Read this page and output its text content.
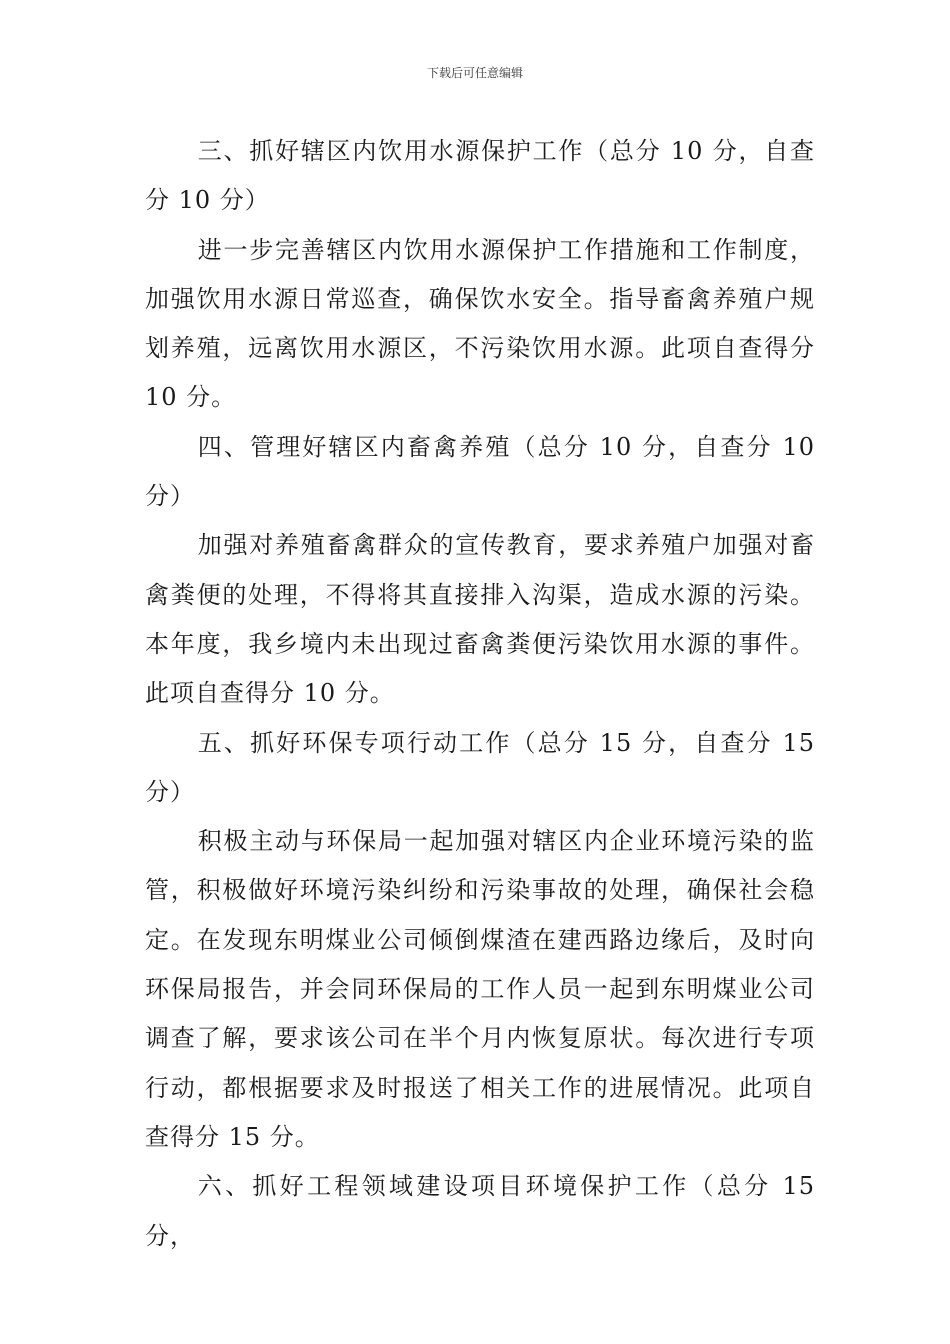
下载后可任意编辑

三、抓好辖区内饮用水源保护工作（总分 10 分，自查分 10 分）

进一步完善辖区内饮用水源保护工作措施和工作制度，加强饮用水源日常巡查，确保饮水安全。指导畜禽养殖户规划养殖，远离饮用水源区，不污染饮用水源。此项自查得分 10 分。

四、管理好辖区内畜禽养殖（总分 10 分，自查分 10 分）

加强对养殖畜禽群众的宣传教育，要求养殖户加强对畜禽粪便的处理，不得将其直接排入沟渠，造成水源的污染。本年度，我乡境内未出现过畜禽粪便污染饮用水源的事件。此项自查得分 10 分。

五、抓好环保专项行动工作（总分 15 分，自查分 15 分）

积极主动与环保局一起加强对辖区内企业环境污染的监管，积极做好环境污染纠纷和污染事故的处理，确保社会稳定。在发现东明煤业公司倾倒煤渣在建西路边缘后，及时向环保局报告，并会同环保局的工作人员一起到东明煤业公司调查了解，要求该公司在半个月内恢复原状。每次进行专项行动，都根据要求及时报送了相关工作的进展情况。此项自查得分 15 分。

六、抓好工程领域建设项目环境保护工作（总分 15 分，
